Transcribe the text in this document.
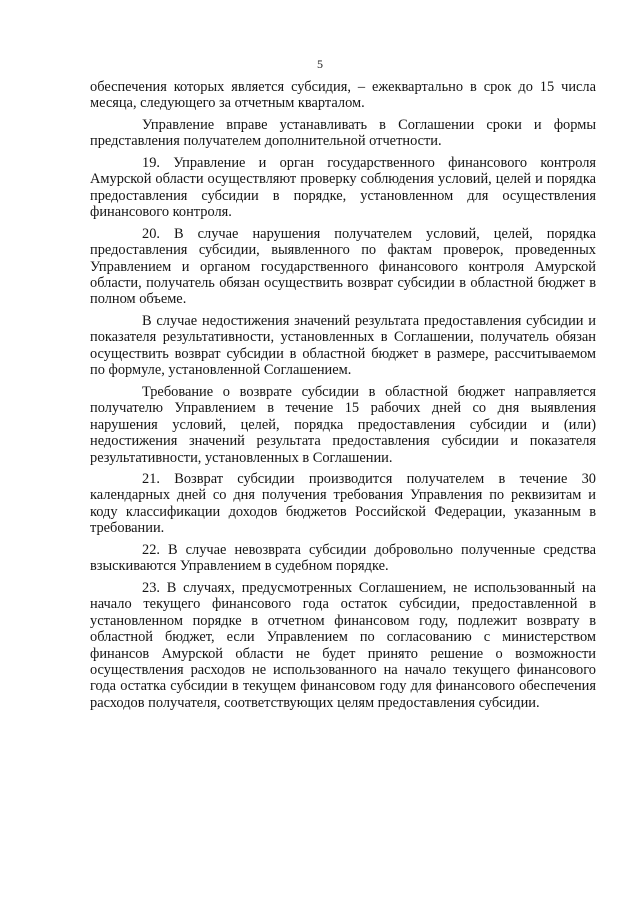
5

обеспечения которых является субсидия, – ежеквартально в срок до 15 числа месяца, следующего за отчетным кварталом.

Управление вправе устанавливать в Соглашении сроки и формы представления получателем дополнительной отчетности.

19. Управление и орган государственного финансового контроля Амурской области осуществляют проверку соблюдения условий, целей и порядка предоставления субсидии в порядке, установленном для осуществления финансового контроля.

20. В случае нарушения получателем условий, целей, порядка предоставления субсидии, выявленного по фактам проверок, проведенных Управлением и органом государственного финансового контроля Амурской области, получатель обязан осуществить возврат субсидии в областной бюджет в полном объеме.

В случае недостижения значений результата предоставления субсидии и показателя результативности, установленных в Соглашении, получатель обязан осуществить возврат субсидии в областной бюджет в размере, рассчитываемом по формуле, установленной Соглашением.

Требование о возврате субсидии в областной бюджет направляется получателю Управлением в течение 15 рабочих дней со дня выявления нарушения условий, целей, порядка предоставления субсидии и (или) недостижения значений результата предоставления субсидии и показателя результативности, установленных в Соглашении.

21. Возврат субсидии производится получателем в течение 30 календарных дней со дня получения требования Управления по реквизитам и коду классификации доходов бюджетов Российской Федерации, указанным в требовании.

22. В случае невозврата субсидии добровольно полученные средства взыскиваются Управлением в судебном порядке.

23. В случаях, предусмотренных Соглашением, не использованный на начало текущего финансового года остаток субсидии, предоставленной в установленном порядке в отчетном финансовом году, подлежит возврату в областной бюджет, если Управлением по согласованию с министерством финансов Амурской области не будет принято решение о возможности осуществления расходов не использованного на начало текущего финансового года остатка субсидии в текущем финансовом году для финансового обеспечения расходов получателя, соответствующих целям предоставления субсидии.
